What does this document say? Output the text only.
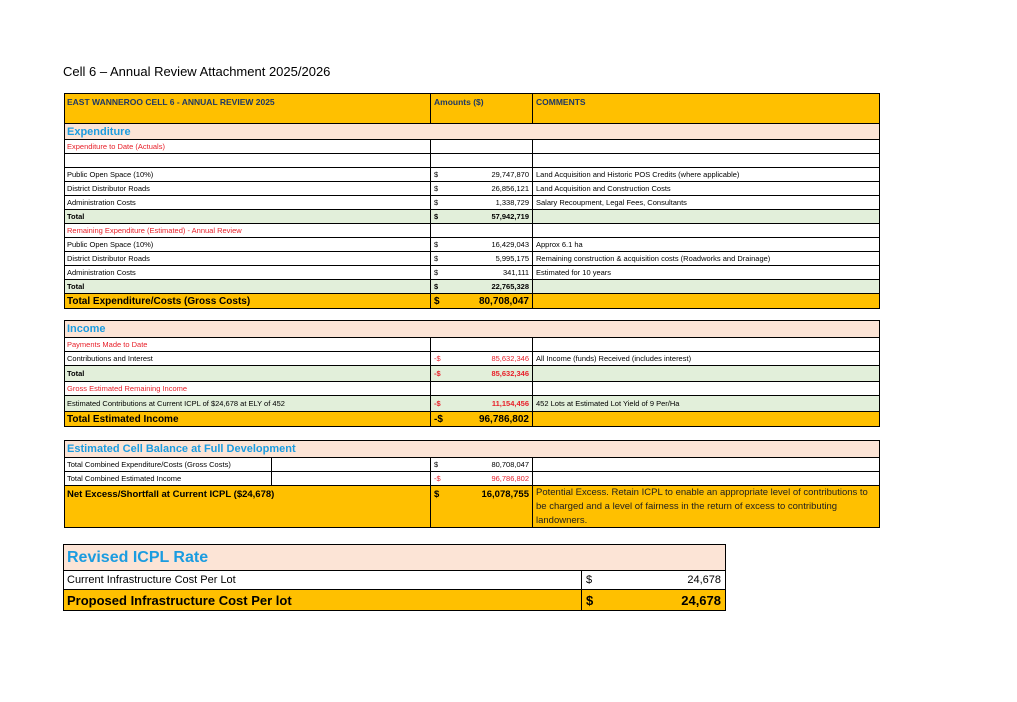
Cell 6 – Annual Review Attachment 2025/2026
EAST WANNEROO CELL 6 - ANNUAL REVIEW 2025	Amounts ($)	COMMENTS
Expenditure
Expenditure to Date (Actuals)
Public Open Space (10%)	$	29,747,870 Land Acquisition and Historic POS Credits (where applicable)
District Distributor Roads	$	26,856,121 Land Acquisition and Construction Costs
Administration Costs	$	1,338,729 Salary Recoupment, Legal Fees, Consultants
Total	$	57,942,719
Remaining Expenditure (Estimated) - Annual Review
Public Open Space (10%)	$	16,429,043 Approx 6.1 ha
District Distributor Roads	$	5,995,175 Remaining construction & acquisition costs (Roadworks and Drainage)
Administration Costs	$	341,111 Estimated for 10 years
Total	$	22,765,328
Total Expenditure/Costs (Gross Costs)	$	80,708,047
Income
Payments Made to Date
Contributions and Interest	-$	85,632,346 All Income (funds) Received (includes interest)
Total	-$	85,632,346
Gross Estimated Remaining Income
Estimated Contributions at Current ICPL of $24,678 at ELY of 452	-$	11,154,456 452 Lots at Estimated Lot Yield of 9 Per/Ha
Total Estimated Income	-$	96,786,802
Estimated Cell Balance at Full Development
Total Combined Expenditure/Costs (Gross Costs)	$	80,708,047
Total Combined Estimated Income	-$	96,786,802
Net Excess/Shortfall at Current ICPL ($24,678)	$	16,078,755 Potential Excess. Retain ICPL to enable an appropriate level of contributions to be charged and a level of fairness in the return of excess to contributing landowners.
Revised ICPL Rate
Current Infrastructure Cost Per Lot	$	24,678
Proposed Infrastructure Cost Per lot	$	24,678
